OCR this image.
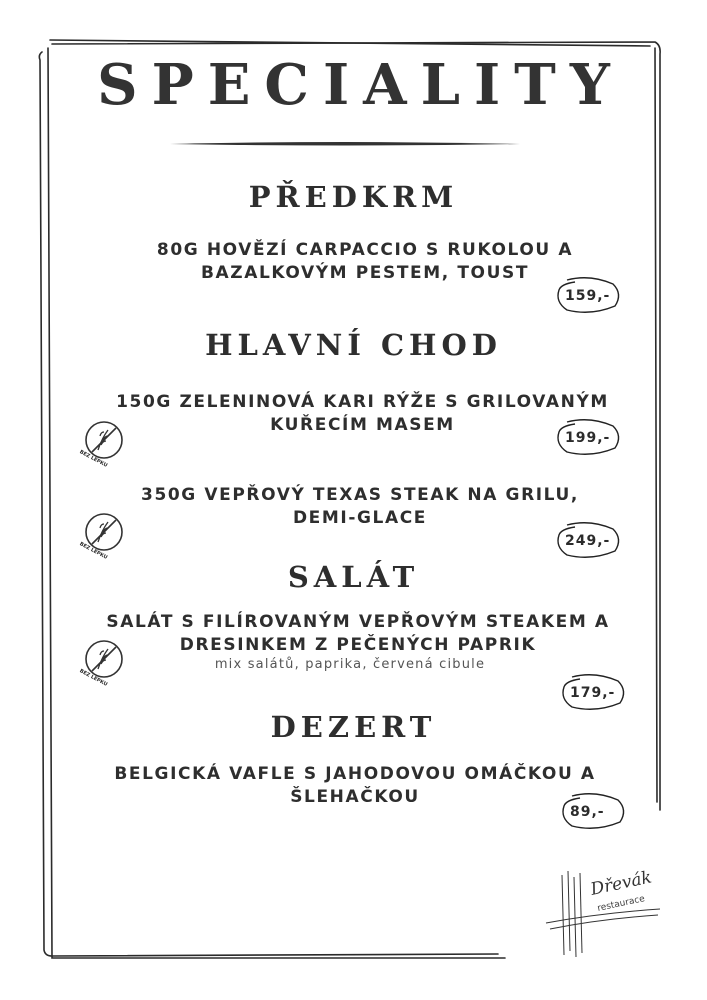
SPECIALITY
PŘEDKRM
80G HOVĚZÍ CARPACCIO S RUKOLOU A BAZALKOVÝM PESTEM, TOUST
159,-
HLAVNÍ CHOD
150G ZELENINOVÁ KARI RÝŽE S GRILOVANÝM KUŘECÍM MASEM
BEZ LEPKU
199,-
350G VEPŘOVÝ TEXAS STEAK NA GRILU, DEMI-GLACE
BEZ LEPKU
249,-
SALÁT
SALÁT S FILÍROVANÝM VEPŘOVÝM STEAKEM A DRESINKEM Z PEČENÝCH PAPRIK
mix salátů, paprika, červená cibule
BEZ LEPKU
179,-
DEZERT
BELGICKÁ VAFLE S JAHODOVOU OMÁČKOU A ŠLEHAČKOU
89,-
Dřevák
restaurace
